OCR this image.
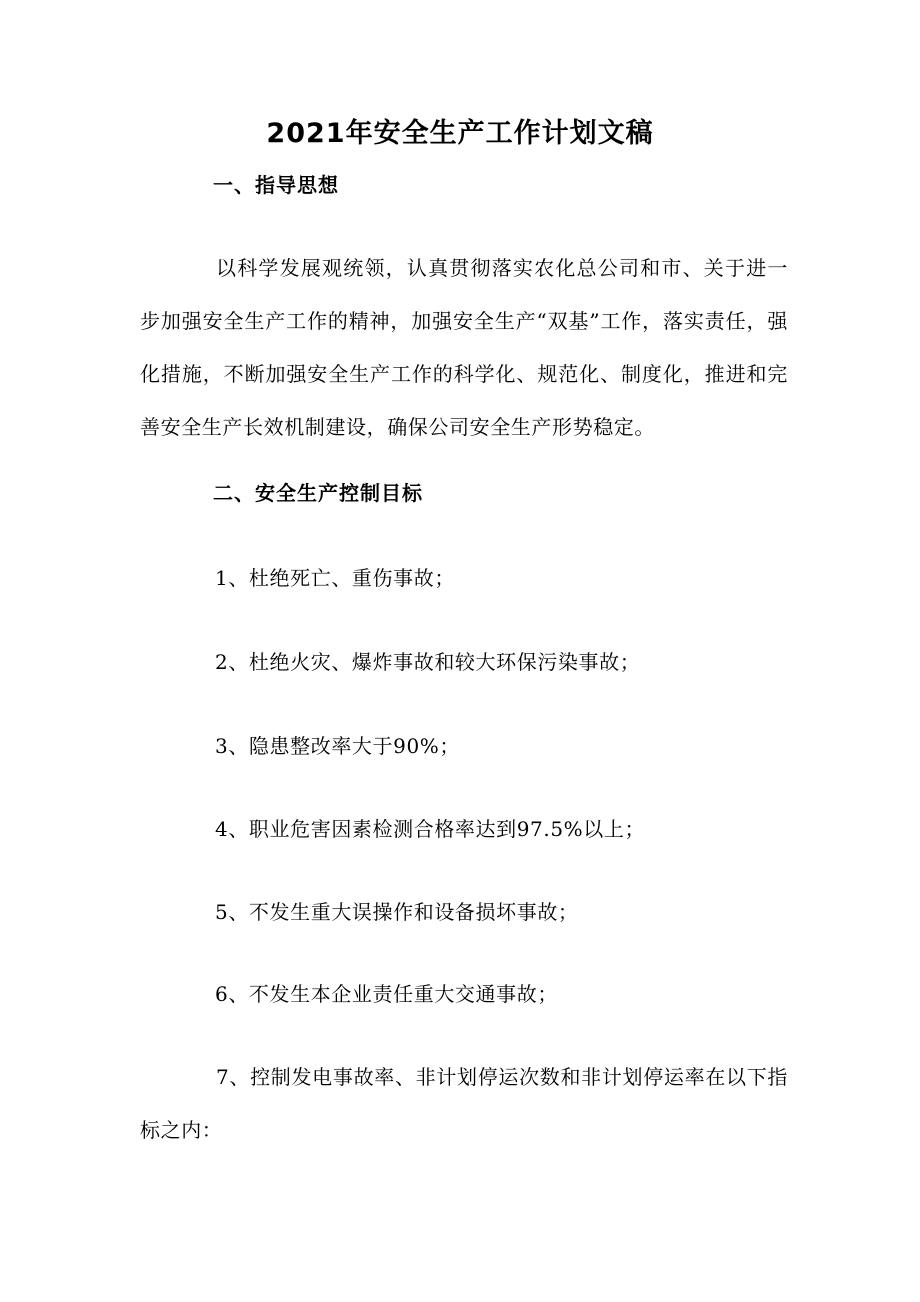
2021年安全生产工作计划文稿
一、指导思想

以科学发展观统领，认真贯彻落实农化总公司和市、关于进一步加强安全生产工作的精神，加强安全生产“双基”工作，落实责任，强化措施，不断加强安全生产工作的科学化、规范化、制度化，推进和完善安全生产长效机制建设，确保公司安全生产形势稳定。

二、安全生产控制目标
1、杜绝死亡、重伤事故；
2、杜绝火灾、爆炸事故和较大环保污染事故；
3、隐患整改率大于90%；
4、职业危害因素检测合格率达到97.5%以上；
5、不发生重大误操作和设备损坏事故；
6、不发生本企业责任重大交通事故；

7、控制发电事故率、非计划停运次数和非计划停运率在以下指标之内：
